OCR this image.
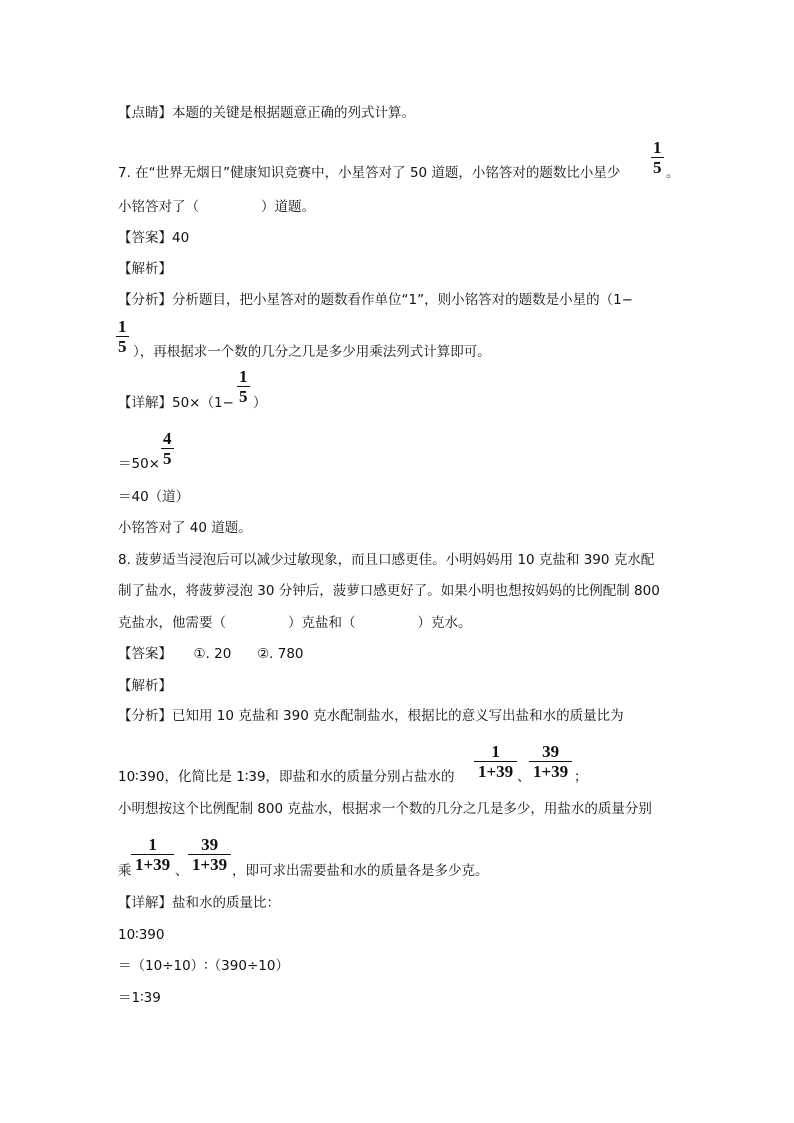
【点睛】本题的关键是根据题意正确的列式计算。
7. 在“世界无烟日”健康知识竞赛中，小星答对了 50 道题，小铭答对的题数比小星少 $\frac{1}{5}$ 。
小铭答对了（	）道题。
【答案】40
【解析】
【分析】分析题目，把小星答对的题数看作单位“1”，则小铭答对的题数是小星的（1−
$\frac{1}{5}$ ），再根据求一个数的几分之几是多少用乘法列式计算即可。
【详解】$50\times(1- \frac{1}{5}$ ）
$=50\times \frac{4}{5}$
＝40（道）
小铭答对了 40 道题。
8. 菠萝适当浸泡后可以减少过敏现象，而且口感更佳。小明妈妈用 10 克盐和 390 克水配
制了盐水，将菠萝浸泡 30 分钟后，菠萝口感更好了。如果小明也想按妈妈的比例配制 800
克盐水，他需要（	）克盐和（	）克水。
【答案】     ①. 20      ②. 780
【解析】
【分析】已知用 10 克盐和 390 克水配制盐水，根据比的意义写出盐和水的质量比为
10∶390，化简比是 1∶39，即盐和水的质量分别占盐水的 $\frac{1}{1+39}$ 、
$\frac{39}{1+39}$ ；
小明想按这个比例配制 800 克盐水，根据求一个数的几分之几是多少，用盐水的质量分别
乘 $\frac{1}{1+39}$ 、 $\frac{39}{1+39}$ ，即可求出需要盐和水的质量各是多少克。
【详解】盐和水的质量比：
10∶390
＝（10÷10）∶（390÷10）
＝1∶39
